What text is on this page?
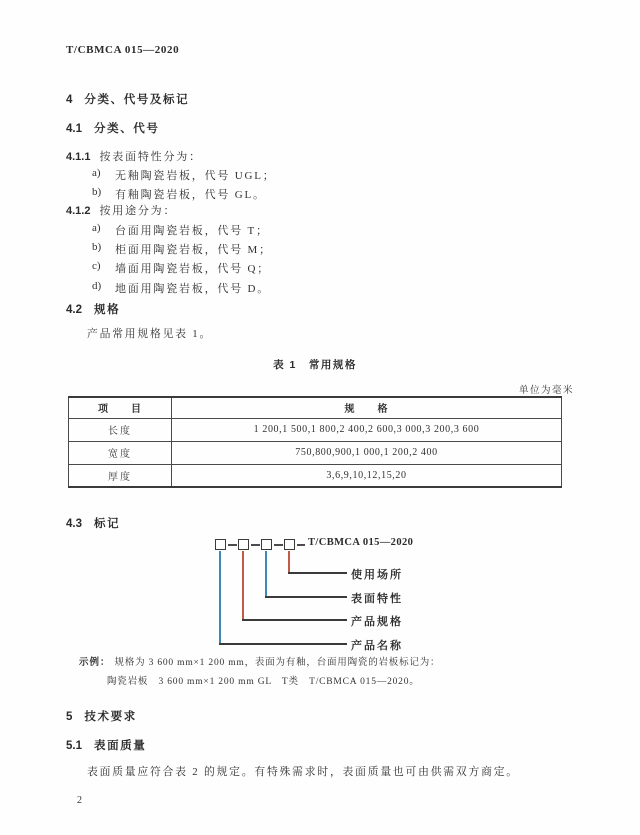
T/CBMCA 015—2020
4 分类、代号及标记
4.1 分类、代号
4.1.1 按表面特性分为：
a)	无釉陶瓷岩板，代号 UGL；
b)	有釉陶瓷岩板，代号 GL。
4.1.2 按用途分为：
a)	台面用陶瓷岩板，代号 T；
b)	柜面用陶瓷岩板，代号 M；
c)	墙面用陶瓷岩板，代号 Q；
d)	地面用陶瓷岩板，代号 D。
4.2 规格
产品常用规格见表 1。
表 1　常用规格
单位为毫米
项　　目	规　　格
长度	1 200,1 500,1 800,2 400,2 600,3 000,3 200,3 600
宽度	750,800,900,1 000,1 200,2 400
厚度	3,6,9,10,12,15,20
4.3 标记
T/CBMCA 015—2020
使用场所
表面特性
产品规格
产品名称
示例： 规格为 3 600 mm×1 200 mm，表面为有釉，台面用陶瓷的岩板标记为：
陶瓷岩板　3 600 mm×1 200 mm GL　T类　T/CBMCA 015—2020。
5 技术要求
5.1 表面质量
表面质量应符合表 2 的规定。有特殊需求时，表面质量也可由供需双方商定。
2
